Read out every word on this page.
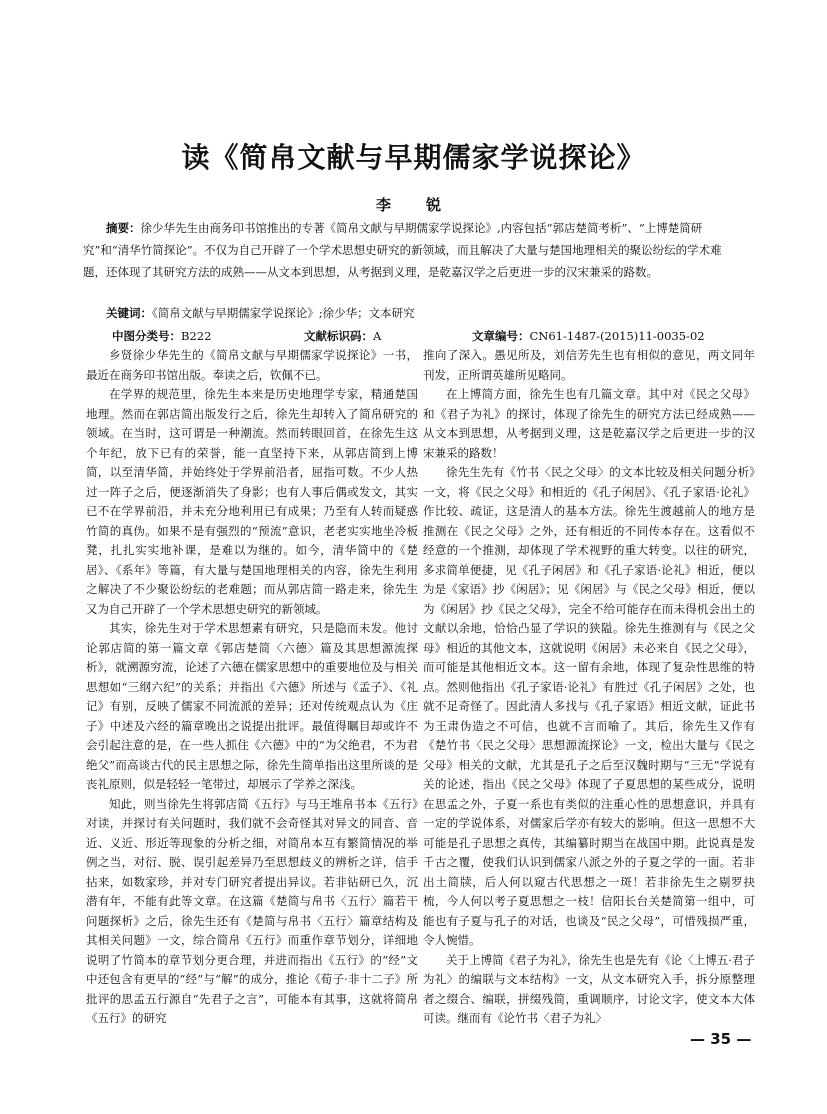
读《简帛文献与早期儒家学说探论》
李　锐

摘要：徐少华先生由商务印书馆推出的专著《简帛文献与早期儒家学说探论》,内容包括“郭店楚简考析”、“上博楚简研究”和“清华竹简探论”。不仅为自己开辟了一个学术思想史研究的新领域，而且解决了大量与楚国地理相关的聚讼纷纭的学术难题，还体现了其研究方法的成熟——从文本到思想，从考据到义理，是乾嘉汉学之后更进一步的汉宋兼采的路数。

关键词：《简帛文献与早期儒家学说探论》;徐少华；文本研究

中图分类号：B222	文献标识码：A	文章编号：CN61-1487-(2015)11-0035-02

乡贤徐少华先生的《简帛文献与早期儒家学说探论》一书，最近在商务印书馆出版。奉读之后，钦佩不已。

在学界的规范里，徐先生本来是历史地理学专家，精通楚国地理。然而在郭店简出版发行之后，徐先生却转入了简帛研究的领域。在当时，这可谓是一种潮流。然而转眼回首，在徐先生这个年纪，放下已有的荣誉，能一直坚持下来，从郭店简到上博简，以至清华简，并始终处于学界前沿者，屈指可数。不少人热过一阵子之后，便逐渐消失了身影；也有人事后偶或发文，其实已不在学界前沿，并未充分地利用已有成果；乃至有人转而疑惑竹简的真伪。如果不是有强烈的“预流”意识，老老实实地坐冷板凳，扎扎实实地补课，是难以为继的。如今，清华简中的《楚居》、《系年》等篇，有大量与楚国地理相关的内容，徐先生利用之解决了不少聚讼纷纭的老难题；而从郭店简一路走来，徐先生又为自己开辟了一个学术思想史研究的新领域。

其实，徐先生对于学术思想素有研究，只是隐而未发。他讨论郭店简的第一篇文章《郭店楚简〈六德〉篇及其思想源流探析》，就溯源穷流，论述了六德在儒家思想中的重要地位及与相关思想如“三纲六纪”的关系；并指出《六德》所述与《孟子》、《礼记》有别，反映了儒家不同流派的差异；还对传统观点认为《庄子》中述及六经的篇章晚出之说提出批评。最值得瞩目却或许不会引起注意的是，在一些人抓住《六德》中的“为父绝君，不为君绝父”而高谈古代的民主思想之际，徐先生简单指出这里所谈的是丧礼原则，似是轻轻一笔带过，却展示了学养之深浅。

知此，则当徐先生将郭店简《五行》与马王堆帛书本《五行》对读，并探讨有关问题时，我们就不会奇怪其对异文的同音、音近、义近、形近等现象的分析之细，对简帛本互有繁简情况的举例之当，对衍、脱、误引起差异乃至思想歧义的辨析之详，信手拈来，如数家珍，并对专门研究者提出异议。若非钻研已久，沉潜有年，不能有此等文章。在这篇《楚简与帛书〈五行〉篇若干问题探析》之后，徐先生还有《楚简与帛书〈五行〉篇章结构及其相关问题》一文，综合简帛《五行》而重作章节划分，详细地说明了竹简本的章节划分更合理，并进而指出《五行》的“经”文中还包含有更早的“经”与“解”的成分，推论《荀子·非十二子》所批评的思孟五行源自“先君子之言”，可能本有其事，这就将简帛《五行》的研究

推向了深入。愚见所及，刘信芳先生也有相似的意见，两文同年刊发，正所谓英雄所见略同。

在上博简方面，徐先生也有几篇文章。其中对《民之父母》和《君子为礼》的探讨，体现了徐先生的研究方法已经成熟——从文本到思想，从考据到义理，这是乾嘉汉学之后更进一步的汉宋兼采的路数！

徐先生先有《竹书〈民之父母〉的文本比较及相关问题分析》一文，将《民之父母》和相近的《孔子闲居》、《孔子家语·论礼》作比较、疏证，这是清人的基本方法。徐先生渡越前人的地方是推测在《民之父母》之外，还有相近的不同传本存在。这看似不经意的一个推测，却体现了学术视野的重大转变。以往的研究，多求简单便捷，见《孔子闲居》和《孔子家语·论礼》相近，便以为是《家语》抄《闲居》；见《闲居》与《民之父母》相近，便以为《闲居》抄《民之父母》，完全不给可能存在而未得机会出土的文献以余地，恰恰凸显了学识的狭隘。徐先生推测有与《民之父母》相近的其他文本，这就说明《闲居》未必来自《民之父母》，而可能是其他相近文本。这一留有余地，体现了复杂性思维的特点。然则他指出《孔子家语·论礼》有胜过《孔子闲居》之处，也就不足奇怪了。因此清人多找与《孔子家语》相近文献，证此书为王肃伪造之不可信，也就不言而喻了。其后，徐先生又作有《楚竹书〈民之父母〉思想源流探论》一文，检出大量与《民之父母》相关的文献，尤其是孔子之后至汉魏时期与“三无”学说有关的论述，指出《民之父母》体现了子夏思想的某些成分，说明在思孟之外，子夏一系也有类似的注重心性的思想意识，并具有一定的学说体系，对儒家后学亦有较大的影响。但这一思想不大可能是孔子思想之真传，其编纂时期当在战国中期。此说真是发千古之覆，使我们认识到儒家八派之外的子夏之学的一面。若非出土简牍，后人何以窥古代思想之一斑！若非徐先生之剔罗抉梳，今人何以考子夏思想之一枝！信阳长台关楚简第一组中，可能也有子夏与孔子的对话，也谈及“民之父母”，可惜残损严重，令人惋惜。

关于上博简《君子为礼》，徐先生也是先有《论〈上博五·君子为礼〉的编联与文本结构》一文，从文本研究入手，拆分原整理者之缀合、编联，拼缀残简，重调顺序，讨论文字，使文本大体可读。继而有《论竹书〈君子为礼〉

— 35 —
